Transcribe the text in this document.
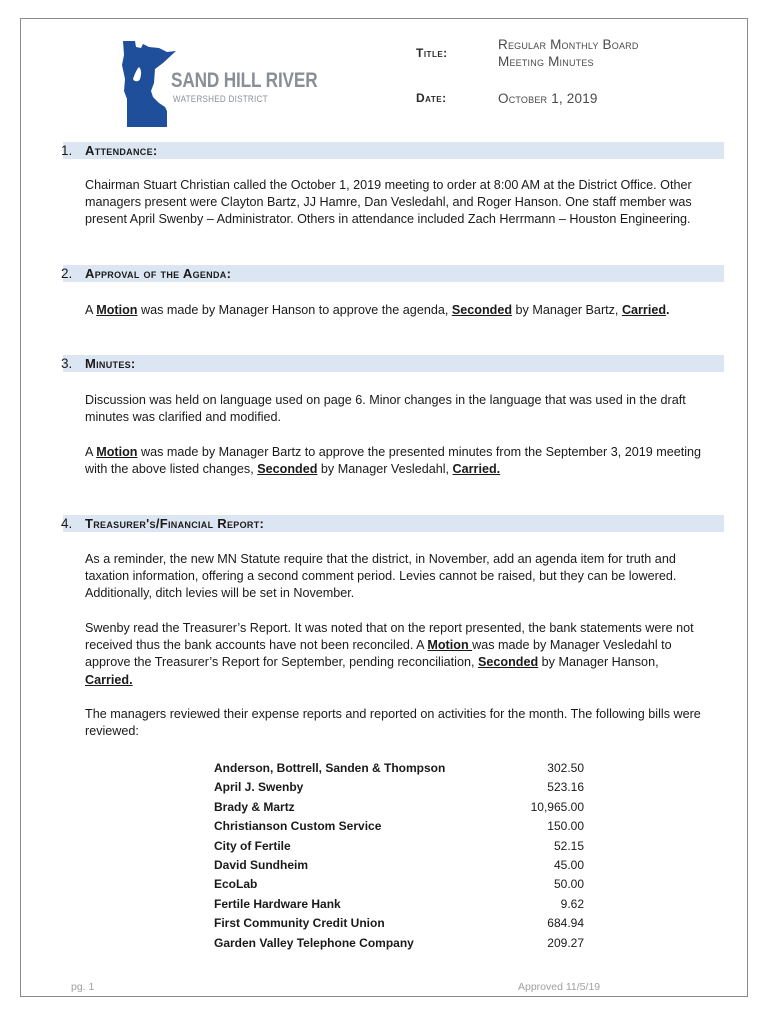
SAND HILL RIVER
WATERSHED DISTRICT
Title:
Regular Monthly Board
Meeting Minutes
Date:	October 1, 2019
1. Attendance:
Chairman Stuart Christian called the October 1, 2019 meeting to order at 8:00 AM at the District Office. Other managers present were Clayton Bartz, JJ Hamre, Dan Vesledahl, and Roger Hanson. One staff member was present April Swenby – Administrator. Others in attendance included Zach Herrmann – Houston Engineering.
2. Approval of the Agenda:
A Motion was made by Manager Hanson to approve the agenda, Seconded by Manager Bartz, Carried.
3. Minutes:
Discussion was held on language used on page 6. Minor changes in the language that was used in the draft minutes was clarified and modified.
A Motion was made by Manager Bartz to approve the presented minutes from the September 3, 2019 meeting with the above listed changes, Seconded by Manager Vesledahl, Carried.
4. Treasurer's/Financial Report:
As a reminder, the new MN Statute require that the district, in November, add an agenda item for truth and taxation information, offering a second comment period. Levies cannot be raised, but they can be lowered. Additionally, ditch levies will be set in November.
Swenby read the Treasurer’s Report. It was noted that on the report presented, the bank statements were not received thus the bank accounts have not been reconciled. A Motion was made by Manager Vesledahl to approve the Treasurer’s Report for September, pending reconciliation, Seconded by Manager Hanson, Carried.
The managers reviewed their expense reports and reported on activities for the month. The following bills were reviewed:
Anderson, Bottrell, Sanden & Thompson	302.50
April J. Swenby	523.16
Brady & Martz	10,965.00
Christianson Custom Service	150.00
City of Fertile	52.15
David Sundheim	45.00
EcoLab	50.00
Fertile Hardware Hank	9.62
First Community Credit Union	684.94
Garden Valley Telephone Company	209.27
pg. 1	Approved 11/5/19
